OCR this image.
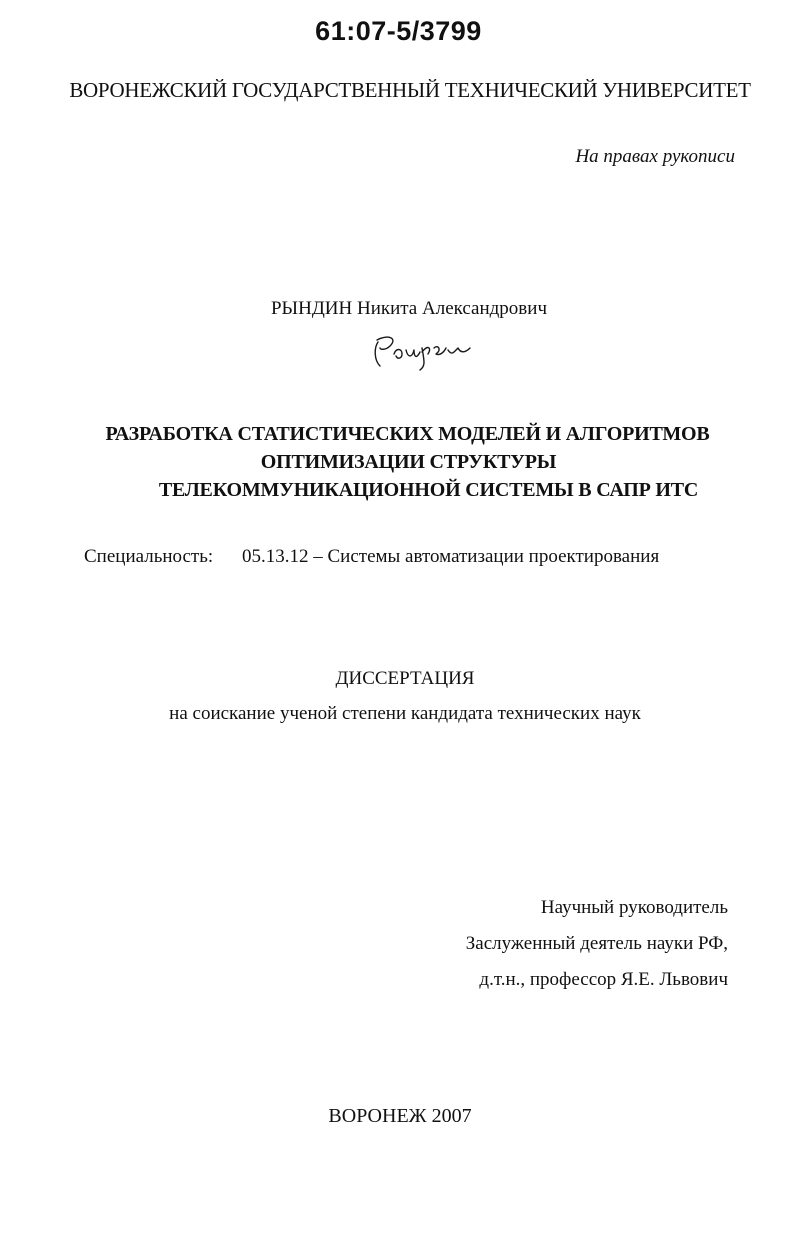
61:07-5/3799
ВОРОНЕЖСКИЙ ГОСУДАРСТВЕННЫЙ ТЕХНИЧЕСКИЙ УНИВЕРСИТЕТ
На правах рукописи
РЫНДИН Никита Александрович
РАЗРАБОТКА СТАТИСТИЧЕСКИХ МОДЕЛЕЙ И АЛГОРИТМОВ
ОПТИМИЗАЦИИ СТРУКТУРЫ
ТЕЛЕКОММУНИКАЦИОННОЙ СИСТЕМЫ В САПР ИТС
Специальность: 05.13.12 – Системы автоматизации проектирования
ДИССЕРТАЦИЯ
на соискание ученой степени кандидата технических наук
Научный руководитель
Заслуженный деятель науки РФ,
д.т.н., профессор Я.Е. Львович
ВОРОНЕЖ 2007
